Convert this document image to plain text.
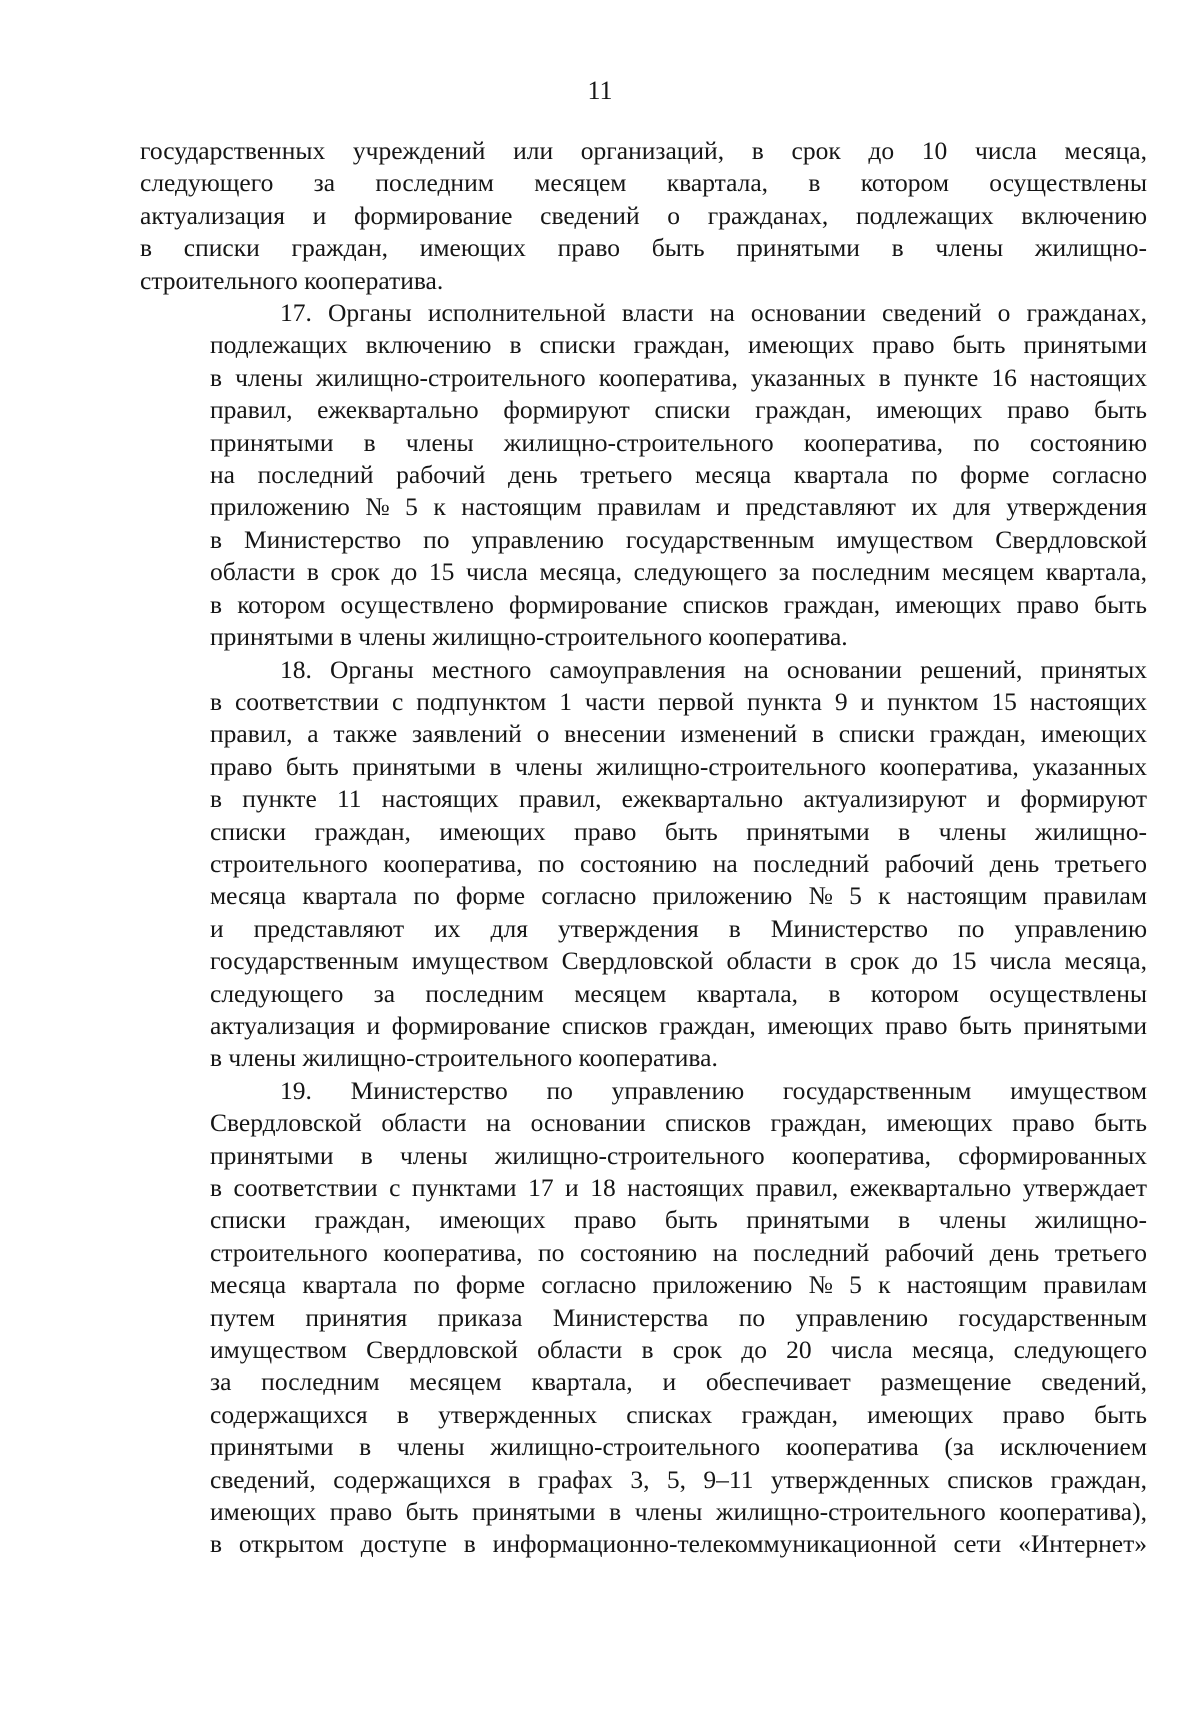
11

государственных учреждений или организаций, в срок до 10 числа месяца,
следующего за последним месяцем квартала, в котором осуществлены
актуализация и формирование сведений о гражданах, подлежащих включению
в списки граждан, имеющих право быть принятыми в члены жилищно-
строительного кооператива.

17. Органы исполнительной власти на основании сведений о гражданах,
подлежащих включению в списки граждан, имеющих право быть принятыми
в члены жилищно-строительного кооператива, указанных в пункте 16 настоящих
правил, ежеквартально формируют списки граждан, имеющих право быть
принятыми в члены жилищно-строительного кооператива, по состоянию
на последний рабочий день третьего месяца квартала по форме согласно
приложению № 5 к настоящим правилам и представляют их для утверждения
в Министерство по управлению государственным имуществом Свердловской
области в срок до 15 числа месяца, следующего за последним месяцем квартала,
в котором осуществлено формирование списков граждан, имеющих право быть
принятыми в члены жилищно-строительного кооператива.

18. Органы местного самоуправления на основании решений, принятых
в соответствии с подпунктом 1 части первой пункта 9 и пунктом 15 настоящих
правил, а также заявлений о внесении изменений в списки граждан, имеющих
право быть принятыми в члены жилищно-строительного кооператива, указанных
в пункте 11 настоящих правил, ежеквартально актуализируют и формируют
списки граждан, имеющих право быть принятыми в члены жилищно-
строительного кооператива, по состоянию на последний рабочий день третьего
месяца квартала по форме согласно приложению № 5 к настоящим правилам
и представляют их для утверждения в Министерство по управлению
государственным имуществом Свердловской области в срок до 15 числа месяца,
следующего за последним месяцем квартала, в котором осуществлены
актуализация и формирование списков граждан, имеющих право быть принятыми
в члены жилищно-строительного кооператива.

19. Министерство по управлению государственным имуществом
Свердловской области на основании списков граждан, имеющих право быть
принятыми в члены жилищно-строительного кооператива, сформированных
в соответствии с пунктами 17 и 18 настоящих правил, ежеквартально утверждает
списки граждан, имеющих право быть принятыми в члены жилищно-
строительного кооператива, по состоянию на последний рабочий день третьего
месяца квартала по форме согласно приложению № 5 к настоящим правилам
путем принятия приказа Министерства по управлению государственным
имуществом Свердловской области в срок до 20 числа месяца, следующего
за последним месяцем квартала, и обеспечивает размещение сведений,
содержащихся в утвержденных списках граждан, имеющих право быть
принятыми в члены жилищно-строительного кооператива (за исключением
сведений, содержащихся в графах 3, 5, 9–11 утвержденных списков граждан,
имеющих право быть принятыми в члены жилищно-строительного кооператива),
в открытом доступе в информационно-телекоммуникационной сети «Интернет»
